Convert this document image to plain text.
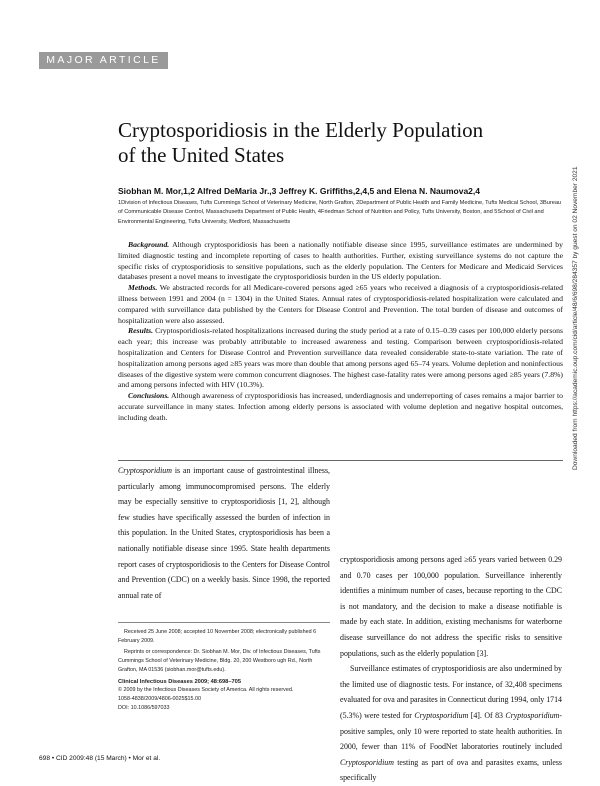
MAJOR ARTICLE
Cryptosporidiosis in the Elderly Population
of the United States
Siobhan M. Mor,1,2 Alfred DeMaria Jr.,3 Jeffrey K. Griffiths,2,4,5 and Elena N. Naumova2,4
1Division of Infectious Diseases, Tufts Cummings School of Veterinary Medicine, North Grafton, 2Department of Public Health and Family Medicine, Tufts Medical School, 3Bureau of Communicable Disease Control, Massachusetts Department of Public Health, 4Friedman School of Nutrition and Policy, Tufts University, Boston, and 5School of Civil and Environmental Engineering, Tufts University, Medford, Massachusetts

Background. Although cryptosporidiosis has been a nationally notifiable disease since 1995, surveillance estimates are undermined by limited diagnostic testing and incomplete reporting of cases to health authorities. Further, existing surveillance systems do not capture the specific risks of cryptosporidiosis to sensitive populations, such as the elderly population. The Centers for Medicare and Medicaid Services databases present a novel means to investigate the cryptosporidiosis burden in the US elderly population.

Methods. We abstracted records for all Medicare-covered persons aged ≥65 years who received a diagnosis of a cryptosporidiosis-related illness between 1991 and 2004 (n = 1304) in the United States. Annual rates of cryptosporidiosis-related hospitalization were calculated and compared with surveillance data published by the Centers for Disease Control and Prevention. The total burden of disease and outcomes of hospitalization were also assessed.

Results. Cryptosporidiosis-related hospitalizations increased during the study period at a rate of 0.15–0.39 cases per 100,000 elderly persons each year; this increase was probably attributable to increased awareness and testing. Comparison between cryptosporidiosis-related hospitalization and Centers for Disease Control and Prevention surveillance data revealed considerable state-to-state variation. The rate of hospitalization among persons aged ≥85 years was more than double that among persons aged 65–74 years. Volume depletion and noninfectious diseases of the digestive system were common concurrent diagnoses. The highest case-fatality rates were among persons aged ≥85 years (7.8%) and among persons infected with HIV (10.3%).

Conclusions. Although awareness of cryptosporidiosis has increased, underdiagnosis and underreporting of cases remains a major barrier to accurate surveillance in many states. Infection among elderly persons is associated with volume depletion and negative hospital outcomes, including death.

Cryptosporidium is an important cause of gastrointestinal illness, particularly among immunocompromised persons. The elderly may be especially sensitive to cryptosporidiosis [1, 2], although few studies have specifically assessed the burden of infection in this population. In the United States, cryptosporidiosis has been a nationally notifiable disease since 1995. State health departments report cases of cryptosporidiosis to the Centers for Disease Control and Prevention (CDC) on a weekly basis. Since 1998, the reported annual rate of

cryptosporidiosis among persons aged ≥65 years varied between 0.29 and 0.70 cases per 100,000 population. Surveillance inherently identifies a minimum number of cases, because reporting to the CDC is not mandatory, and the decision to make a disease notifiable is made by each state. In addition, existing mechanisms for waterborne disease surveillance do not address the specific risks to sensitive populations, such as the elderly population [3].

Surveillance estimates of cryptosporidiosis are also undermined by the limited use of diagnostic tests. For instance, of 32,408 specimens evaluated for ova and parasites in Connecticut during 1994, only 1714 (5.3%) were tested for Cryptosporidium [4]. Of 83 Cryptosporidium-positive samples, only 10 were reported to state health authorities. In 2000, fewer than 11% of FoodNet laboratories routinely included Cryptosporidium testing as part of ova and parasites exams, unless specifically

Received 25 June 2008; accepted 10 November 2008; electronically published 6 February 2009.

Reprints or correspondence: Dr. Siobhan M. Mor, Div. of Infectious Diseases, Tufts Cummings School of Veterinary Medicine, Bldg. 20, 200 Westboro ugh Rd., North Grafton, MA 01536 (siobhan.mor@tufts.edu).

Clinical Infectious Diseases 2009; 48:698–705

© 2009 by the Infectious Diseases Society of America. All rights reserved.

1058-4838/2009/4806-0025$15.00

DOI: 10.1086/597033

698 • CID 2009:48 (15 March) • Mor et al.
Downloaded from https://academic.oup.com/cid/article/48/6/698/284357 by guest on 02 November 2021
